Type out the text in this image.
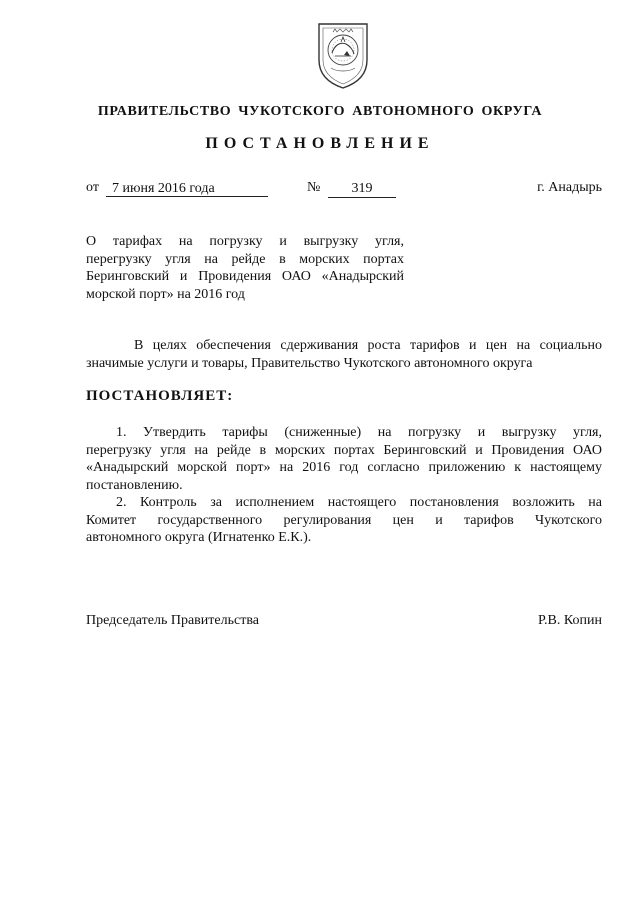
ПРАВИТЕЛЬСТВО ЧУКОТСКОГО АВТОНОМНОГО ОКРУГА
ПОСТАНОВЛЕНИЕ
от 7 июня 2016 года	№	319	г. Анадырь
О тарифах на погрузку и выгрузку угля,
перегрузку угля на рейде в морских портах
Беринговский и Провидения ОАО «Анадырский
морской порт» на 2016 год
В целях обеспечения сдерживания роста тарифов и цен на социально
значимые услуги и товары, Правительство Чукотского автономного округа
ПОСТАНОВЛЯЕТ:
1. Утвердить тарифы (сниженные) на погрузку и выгрузку угля,
перегрузку угля на рейде в морских портах Беринговский и Провидения ОАО
«Анадырский морской порт» на 2016 год согласно приложению к настоящему
постановлению.
2. Контроль за исполнением настоящего постановления возложить на
Комитет государственного регулирования цен и тарифов Чукотского
автономного округа (Игнатенко Е.К.).
Председатель Правительства	Р.В. Копин
